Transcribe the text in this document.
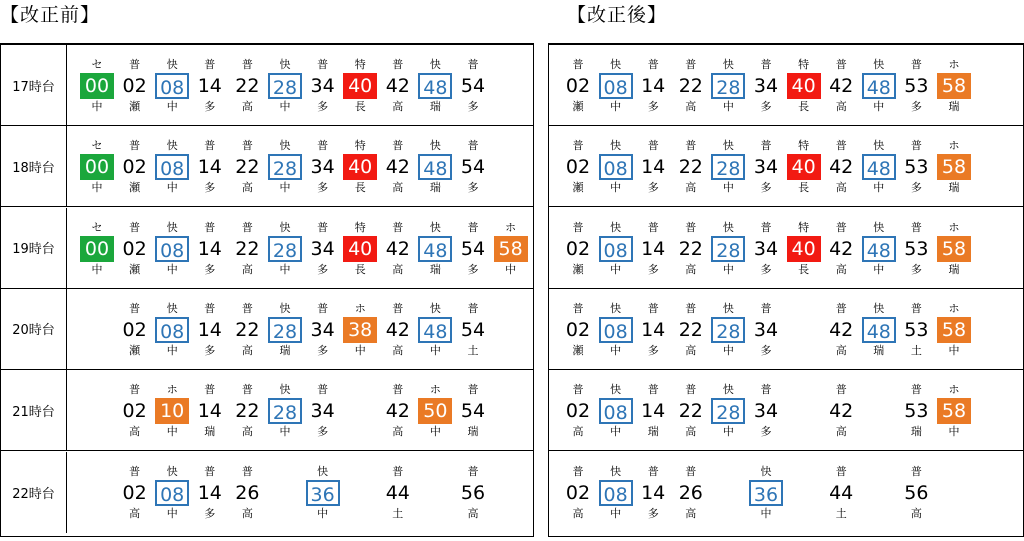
【改正前】	【改正後】
17時台
セ
00
中
普
02
瀬
快
08
中
普
14
多
普
22
高
快
28
中
普
34
多
特
40
長
普
42
高
快
48
瑞
普
54
多
18時台
セ
00
中
普
02
瀬
快
08
中
普
14
多
普
22
高
快
28
中
普
34
多
特
40
長
普
42
高
快
48
瑞
普
54
多
19時台
セ
00
中
普
02
瀬
快
08
中
普
14
多
普
22
高
快
28
中
普
34
多
特
40
長
普
42
高
快
48
瑞
普
54
多
ホ
58
中
20時台
普
02
瀬
快
08
中
普
14
多
普
22
高
快
28
瑞
普
34
多
ホ
38
中
普
42
高
快
48
中
普
54
土
21時台
普
02
高
ホ
10
中
普
14
瑞
普
22
高
快
28
中
普
34
多
普
42
高
ホ
50
中
普
54
瑞
22時台
普
02
高
快
08
中
普
14
多
普
26
高
快
36
中
普
44
土
普
56
高
普
02
瀬
快
08
中
普
14
多
普
22
高
快
28
中
普
34
多
特
40
長
普
42
高
快
48
中
普
53
多
ホ
58
瑞
普
02
瀬
快
08
中
普
14
多
普
22
高
快
28
中
普
34
多
特
40
長
普
42
高
快
48
中
普
53
多
ホ
58
瑞
普
02
瀬
快
08
中
普
14
多
普
22
高
快
28
中
普
34
多
特
40
長
普
42
高
快
48
中
普
53
多
ホ
58
瑞
普
02
瀬
快
08
中
普
14
多
普
22
高
快
28
中
普
34
多
普
42
高
快
48
瑞
普
53
土
ホ
58
中
普
02
高
快
08
中
普
14
瑞
普
22
高
快
28
中
普
34
多
普
42
高
普
53
瑞
ホ
58
中
普
02
高
快
08
中
普
14
多
普
26
高
快
36
中
普
44
土
普
56
高
